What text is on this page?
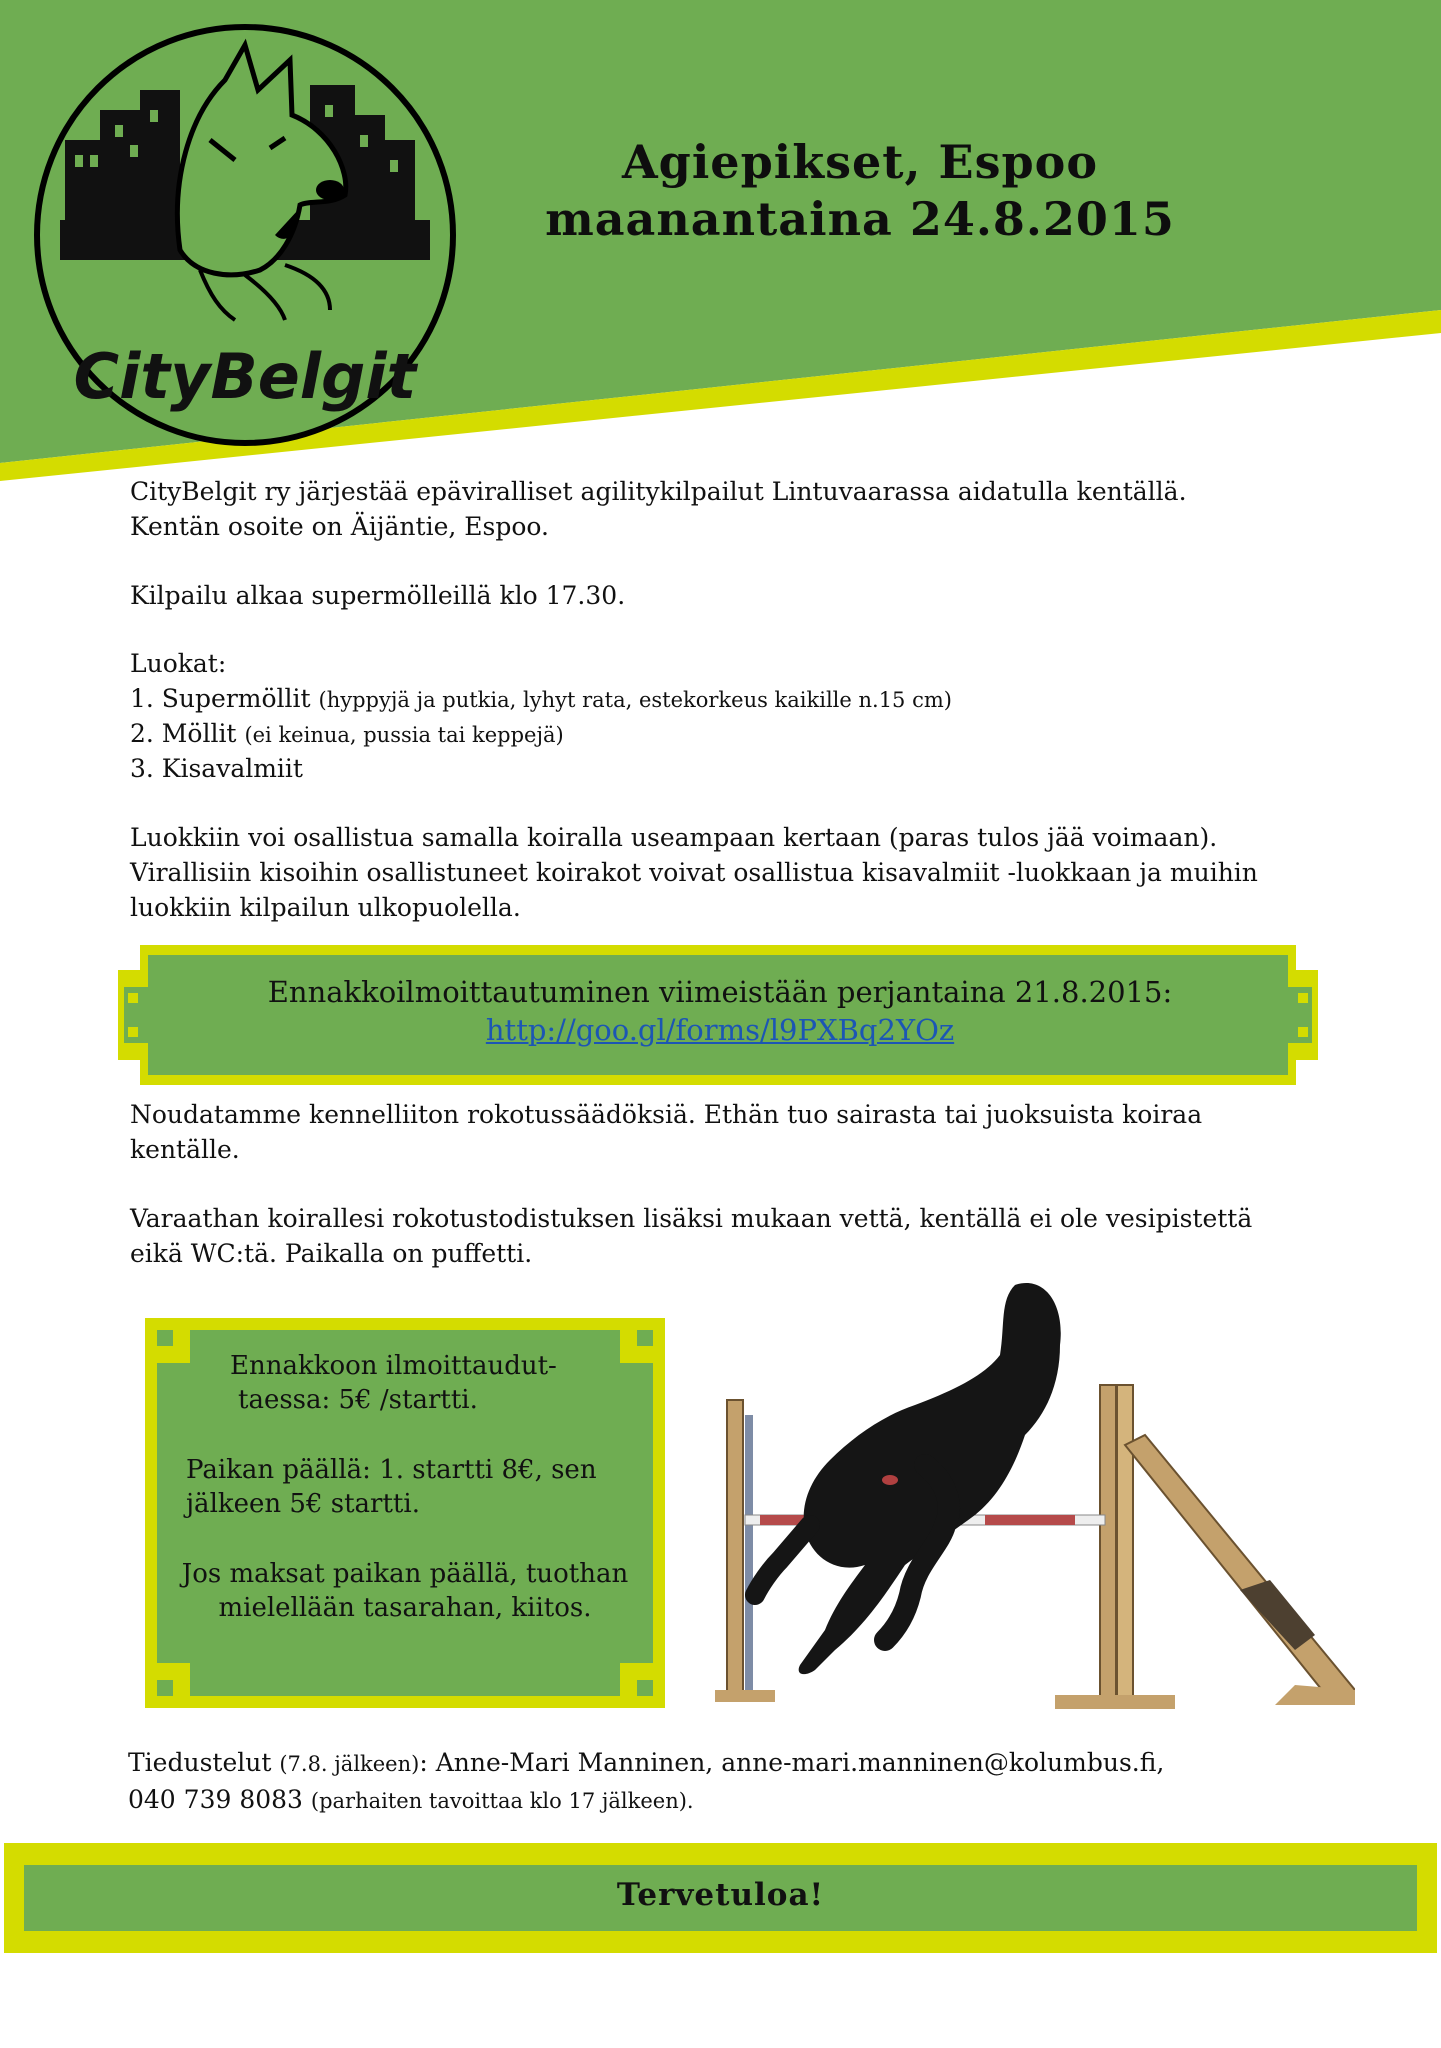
CityBelgit
Agiepikset, Espoo
maanantaina 24.8.2015
CityBelgit ry järjestää epäviralliset agilitykilpailut Lintuvaarassa aidatulla kentällä.
Kentän osoite on Äijäntie, Espoo.
Kilpailu alkaa supermölleillä klo 17.30.
Luokat:
1. Supermöllit (hyppyjä ja putkia, lyhyt rata, estekorkeus kaikille n.15 cm)
2. Möllit (ei keinua, pussia tai keppejä)
3. Kisavalmiit
Luokkiin voi osallistua samalla koiralla useampaan kertaan (paras tulos jää voimaan).
Virallisiin kisoihin osallistuneet koirakot voivat osallistua kisavalmiit -luokkaan ja muihin
luokkiin kilpailun ulkopuolella.
Ennakkoilmoittautuminen viimeistään perjantaina 21.8.2015:
http://goo.gl/forms/l9PXBq2YOz
Noudatamme kennelliiton rokotussäädöksiä. Ethän tuo sairasta tai juoksuista koiraa
kentälle.
Varaathan koirallesi rokotustodistuksen lisäksi mukaan vettä, kentällä ei ole vesipistettä
eikä WC:tä. Paikalla on puffetti.
Ennakkoon ilmoittaudut-
taessa: 5€ /startti.
Paikan päällä: 1. startti 8€, sen
jälkeen 5€ startti.
Jos maksat paikan päällä, tuothan
mielellään tasarahan, kiitos.
Tiedustelut (7.8. jälkeen): Anne-Mari Manninen, anne-mari.manninen@kolumbus.fi,
040 739 8083 (parhaiten tavoittaa klo 17 jälkeen).
Tervetuloa!
